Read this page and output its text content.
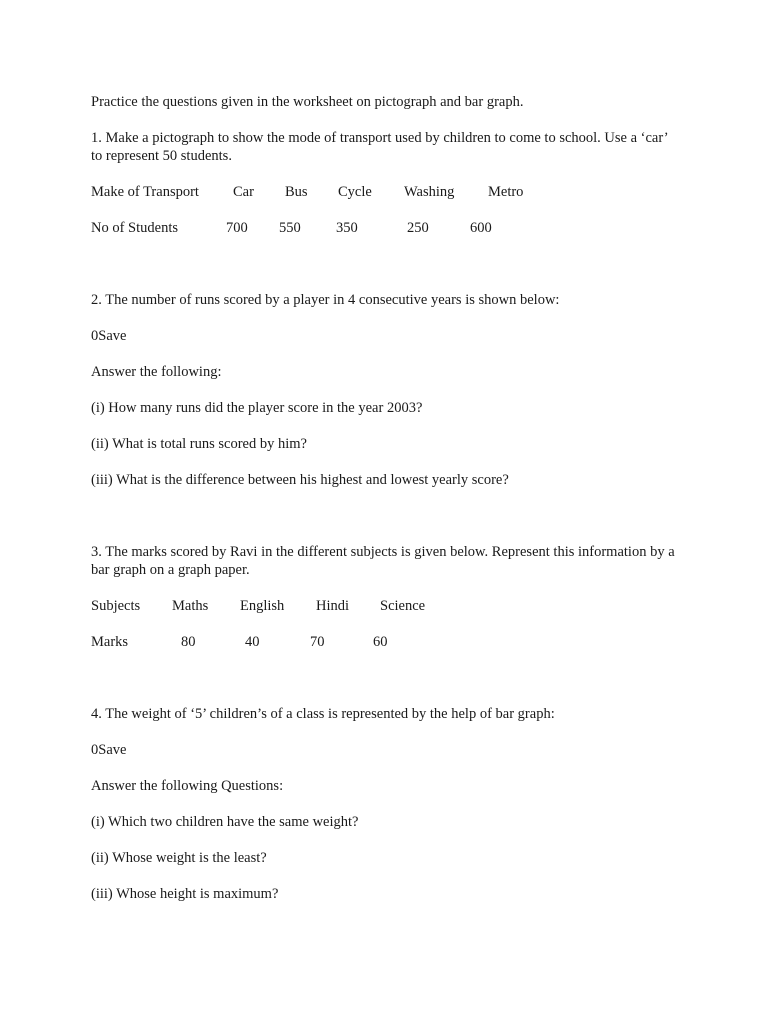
Practice the questions given in the worksheet on pictograph and bar graph.
1. Make a pictograph to show the mode of transport used by children to come to school. Use a ‘car’ to represent 50 students.
Make of Transport Car Bus Cycle Washing Metro
No of Students	700 550 350	250	600
2. The number of runs scored by a player in 4 consecutive years is shown below:
0Save
Answer the following:
(i) How many runs did the player score in the year 2003?
(ii) What is total runs scored by him?
(iii) What is the difference between his highest and lowest yearly score?
3. The marks scored by Ravi in the different subjects is given below. Represent this information by a bar graph on a graph paper.
Subjects Maths English Hindi Science
Marks	80	40	70	60
4. The weight of ‘5’ children’s of a class is represented by the help of bar graph:
0Save
Answer the following Questions:
(i) Which two children have the same weight?
(ii) Whose weight is the least?
(iii) Whose height is maximum?
